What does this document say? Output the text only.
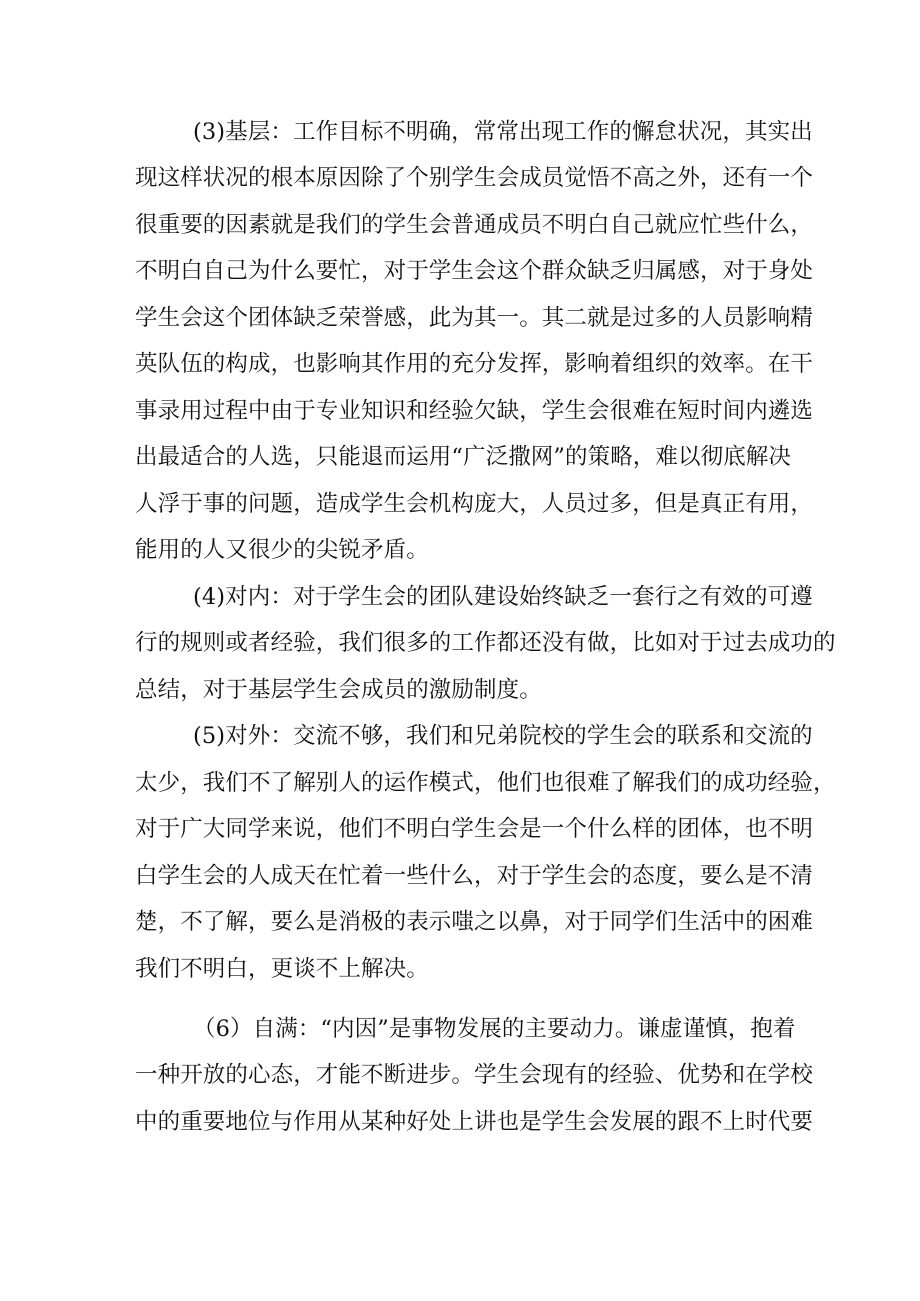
(3)基层：工作目标不明确，常常出现工作的懈怠状况，其实出
现这样状况的根本原因除了个别学生会成员觉悟不高之外，还有一个
很重要的因素就是我们的学生会普通成员不明白自己就应忙些什么，
不明白自己为什么要忙，对于学生会这个群众缺乏归属感，对于身处
学生会这个团体缺乏荣誉感，此为其一。其二就是过多的人员影响精
英队伍的构成，也影响其作用的充分发挥，影响着组织的效率。在干
事录用过程中由于专业知识和经验欠缺，学生会很难在短时间内遴选
出最适合的人选，只能退而运用“广泛撒网”的策略，难以彻底解决
人浮于事的问题，造成学生会机构庞大，人员过多，但是真正有用，
能用的人又很少的尖锐矛盾。
(4)对内：对于学生会的团队建设始终缺乏一套行之有效的可遵
行的规则或者经验，我们很多的工作都还没有做，比如对于过去成功的
总结，对于基层学生会成员的激励制度。
(5)对外：交流不够，我们和兄弟院校的学生会的联系和交流的
太少，我们不了解别人的运作模式，他们也很难了解我们的成功经验，
对于广大同学来说，他们不明白学生会是一个什么样的团体，也不明
白学生会的人成天在忙着一些什么，对于学生会的态度，要么是不清
楚，不了解，要么是消极的表示嗤之以鼻，对于同学们生活中的困难
我们不明白，更谈不上解决。
（6）自满：“内因”是事物发展的主要动力。谦虚谨慎，抱着
一种开放的心态，才能不断进步。学生会现有的经验、优势和在学校
中的重要地位与作用从某种好处上讲也是学生会发展的跟不上时代要
